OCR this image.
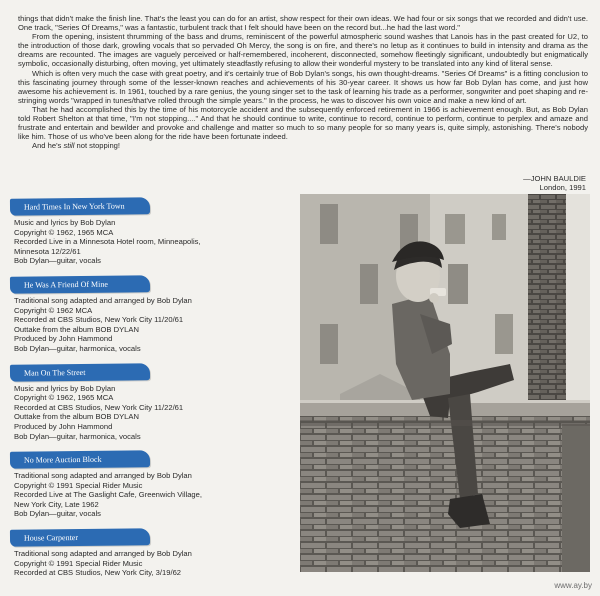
things that didn't make the finish line. That's the least you can do for an artist, show respect for their own ideas. We had four or six songs that we recorded and didn't use. One track, "Series Of Dreams," was a fantastic, turbulent track that I felt should have been on the record but...he had the last word."

From the opening, insistent thrumming of the bass and drums, reminiscent of the powerful atmospheric sound washes that Lanois has in the past created for U2, to the introduction of those dark, growling vocals that so pervaded Oh Mercy, the song is on fire, and there's no letup as it continues to build in intensity and drama as the dreams are recounted. The images are vaguely perceived or half-remembered, incoherent, disconnected, somehow fleetingly significant, undoubtedly but enigmatically symbolic, occasionally disturbing, often moving, yet ultimately steadfastly refusing to allow their wonderful mystery to be translated into any kind of literal sense.

Which is often very much the case with great poetry, and it's certainly true of Bob Dylan's songs, his own thought-dreams. "Series Of Dreams" is a fitting conclusion to this fascinating journey through some of the lesser-known reaches and achievements of his 30-year career. It shows us how far Bob Dylan has come, and just how awesome his achievement is. In 1961, touched by a rare genius, the young singer set to the task of learning his trade as a performer, songwriter and poet shaping and re-stringing words "wrapped in tunes/that've rolled through the simple years." In the process, he was to discover his own voice and make a new kind of art.

That he had accomplished this by the time of his motorcycle accident and the subsequently enforced retirement in 1966 is achievement enough. But, as Bob Dylan told Robert Shelton at that time, "I'm not stopping...." And that he should continue to write, continue to record, continue to perform, continue to perplex and amaze and frustrate and entertain and bewilder and provoke and challenge and matter so much to so many people for so many years is, quite simply, astonishing. There's nobody like him. Those of us who've been along for the ride have been fortunate indeed.

And he's still not stopping!

—JOHN BAULDIE
London, 1991
Hard Times In New York Town
Music and lyrics by Bob Dylan
Copyright © 1962, 1965 MCA
Recorded Live in a Minnesota Hotel room, Minneapolis,
Minnesota 12/22/61
Bob Dylan—guitar, vocals
He Was A Friend Of Mine
Traditional song adapted and arranged by Bob Dylan
Copyright © 1962 MCA
Recorded at CBS Studios, New York City 11/20/61
Outtake from the album BOB DYLAN
Produced by John Hammond
Bob Dylan—guitar, harmonica, vocals
Man On The Street
Music and lyrics by Bob Dylan
Copyright © 1962, 1965 MCA
Recorded at CBS Studios, New York City 11/22/61
Outtake from the album BOB DYLAN
Produced by John Hammond
Bob Dylan—guitar, harmonica, vocals
No More Auction Block
Traditional song adapted and arranged by Bob Dylan
Copyright © 1991 Special Rider Music
Recorded Live at The Gaslight Cafe, Greenwich Village,
New York City, Late 1962
Bob Dylan—guitar, vocals
House Carpenter
Traditional song adapted and arranged by Bob Dylan
Copyright © 1991 Special Rider Music
Recorded at CBS Studios, New York City, 3/19/62
www.ay.by
